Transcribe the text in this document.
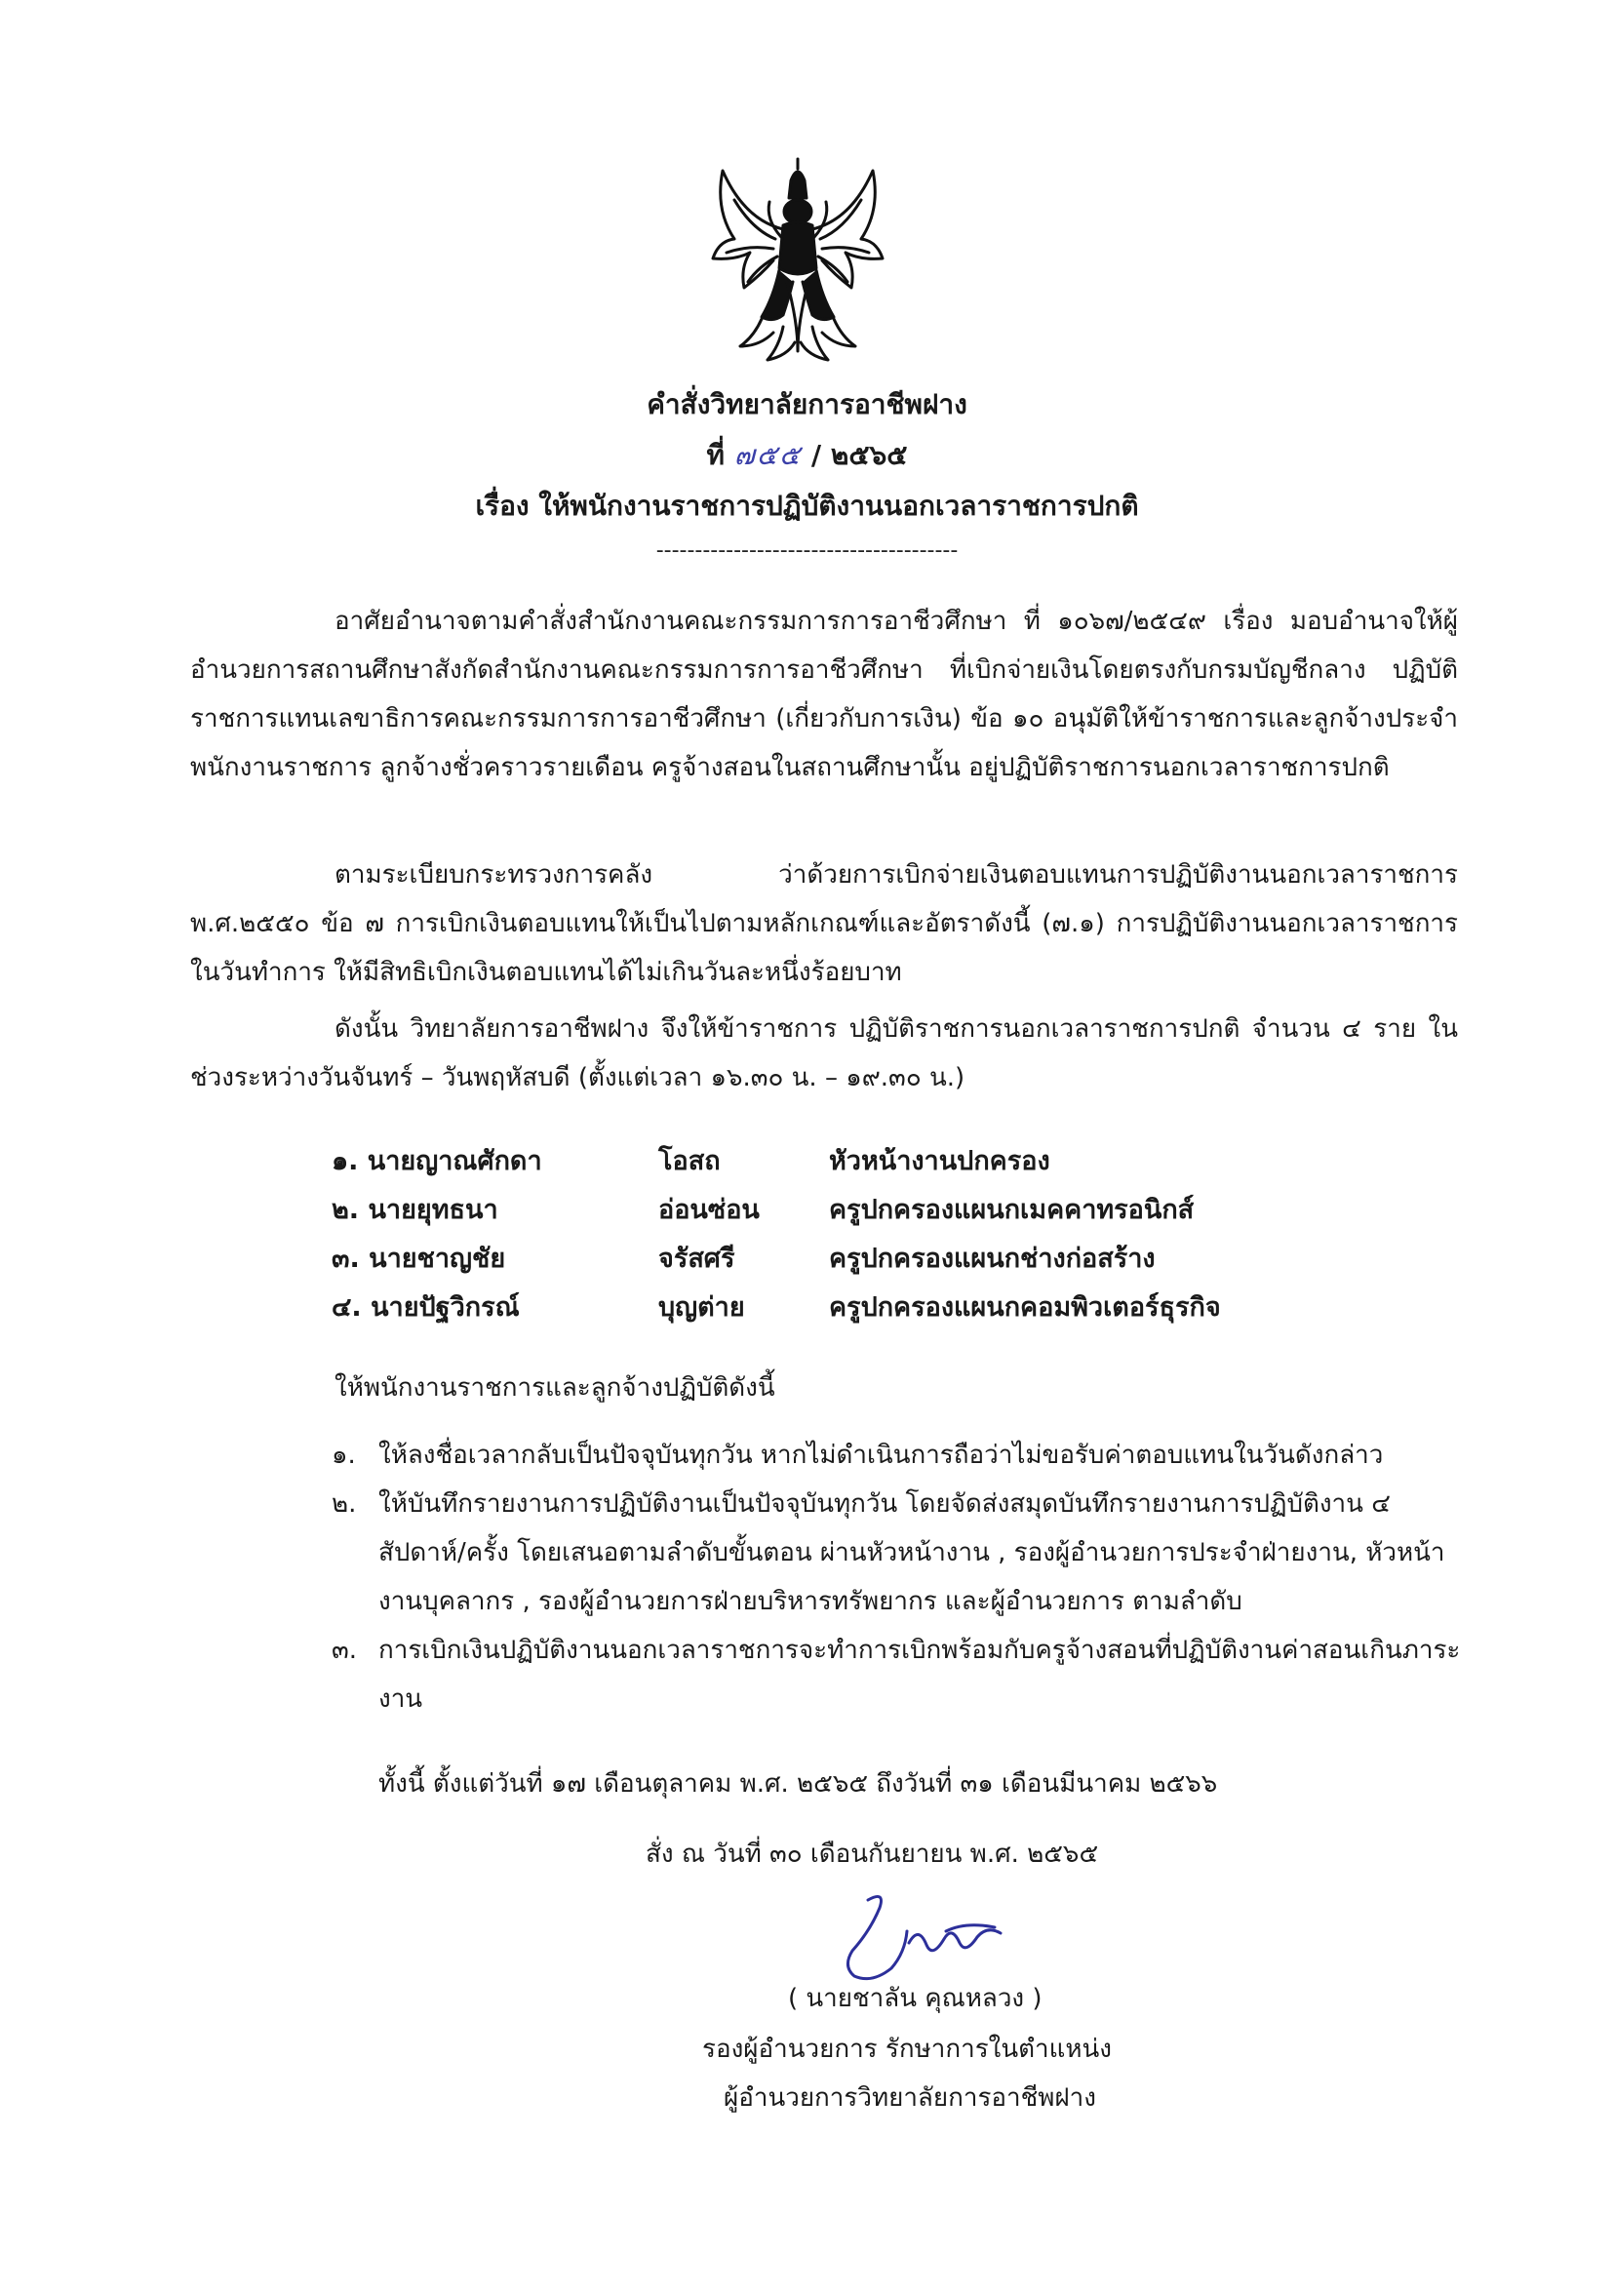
คำสั่งวิทยาลัยการอาชีพฝาง
ที่ ๗๕๕ / ๒๕๖๕
เรื่อง ให้พนักงานราชการปฏิบัติงานนอกเวลาราชการปกติ
---------------------------------------
อาศัยอำนาจตามคำสั่งสำนักงานคณะกรรมการการอาชีวศึกษา ที่ ๑๐๖๗/๒๕๔๙ เรื่อง มอบอำนาจให้ผู้อำนวยการสถานศึกษาสังกัดสำนักงานคณะกรรมการการอาชีวศึกษา ที่เบิกจ่ายเงินโดยตรงกับกรมบัญชีกลาง ปฏิบัติราชการแทนเลขาธิการคณะกรรมการการอาชีวศึกษา (เกี่ยวกับการเงิน) ข้อ ๑๐ อนุมัติให้ข้าราชการและลูกจ้างประจำ พนักงานราชการ ลูกจ้างชั่วคราวรายเดือน ครูจ้างสอนในสถานศึกษานั้น อยู่ปฏิบัติราชการนอกเวลาราชการปกติ
ตามระเบียบกระทรวงการคลัง ว่าด้วยการเบิกจ่ายเงินตอบแทนการปฏิบัติงานนอกเวลาราชการ พ.ศ.๒๕๕๐ ข้อ ๗ การเบิกเงินตอบแทนให้เป็นไปตามหลักเกณฑ์และอัตราดังนี้ (๗.๑) การปฏิบัติงานนอกเวลาราชการในวันทำการ ให้มีสิทธิเบิกเงินตอบแทนได้ไม่เกินวันละหนึ่งร้อยบาท
ดังนั้น วิทยาลัยการอาชีพฝาง จึงให้ข้าราชการ ปฏิบัติราชการนอกเวลาราชการปกติ จำนวน ๔ ราย ในช่วงระหว่างวันจันทร์ – วันพฤหัสบดี (ตั้งแต่เวลา ๑๖.๓๐ น. – ๑๙.๓๐ น.)
๑. นายญาณศักดา	โอสถ	หัวหน้างานปกครอง
๒. นายยุทธนา	อ่อนซ่อน	ครูปกครองแผนกเมคคาทรอนิกส์
๓. นายชาญชัย	จรัสศรี	ครูปกครองแผนกช่างก่อสร้าง
๔. นายปัฐวิกรณ์	บุญต่าย	ครูปกครองแผนกคอมพิวเตอร์ธุรกิจ
ให้พนักงานราชการและลูกจ้างปฏิบัติดังนี้
๑. ให้ลงชื่อเวลากลับเป็นปัจจุบันทุกวัน หากไม่ดำเนินการถือว่าไม่ขอรับค่าตอบแทนในวันดังกล่าว
๒. ให้บันทึกรายงานการปฏิบัติงานเป็นปัจจุบันทุกวัน โดยจัดส่งสมุดบันทึกรายงานการปฏิบัติงาน ๔ สัปดาห์/ครั้ง โดยเสนอตามลำดับขั้นตอน ผ่านหัวหน้างาน , รองผู้อำนวยการประจำฝ่ายงาน, หัวหน้างานบุคลากร , รองผู้อำนวยการฝ่ายบริหารทรัพยากร และผู้อำนวยการ ตามลำดับ
๓. การเบิกเงินปฏิบัติงานนอกเวลาราชการจะทำการเบิกพร้อมกับครูจ้างสอนที่ปฏิบัติงานค่าสอนเกินภาระงาน
ทั้งนี้ ตั้งแต่วันที่ ๑๗ เดือนตุลาคม พ.ศ. ๒๕๖๕ ถึงวันที่ ๓๑ เดือนมีนาคม ๒๕๖๖
สั่ง ณ วันที่ ๓๐ เดือนกันยายน พ.ศ. ๒๕๖๕
( นายชาลัน คุณหลวง )
รองผู้อำนวยการ รักษาการในตำแหน่ง
ผู้อำนวยการวิทยาลัยการอาชีพฝาง
